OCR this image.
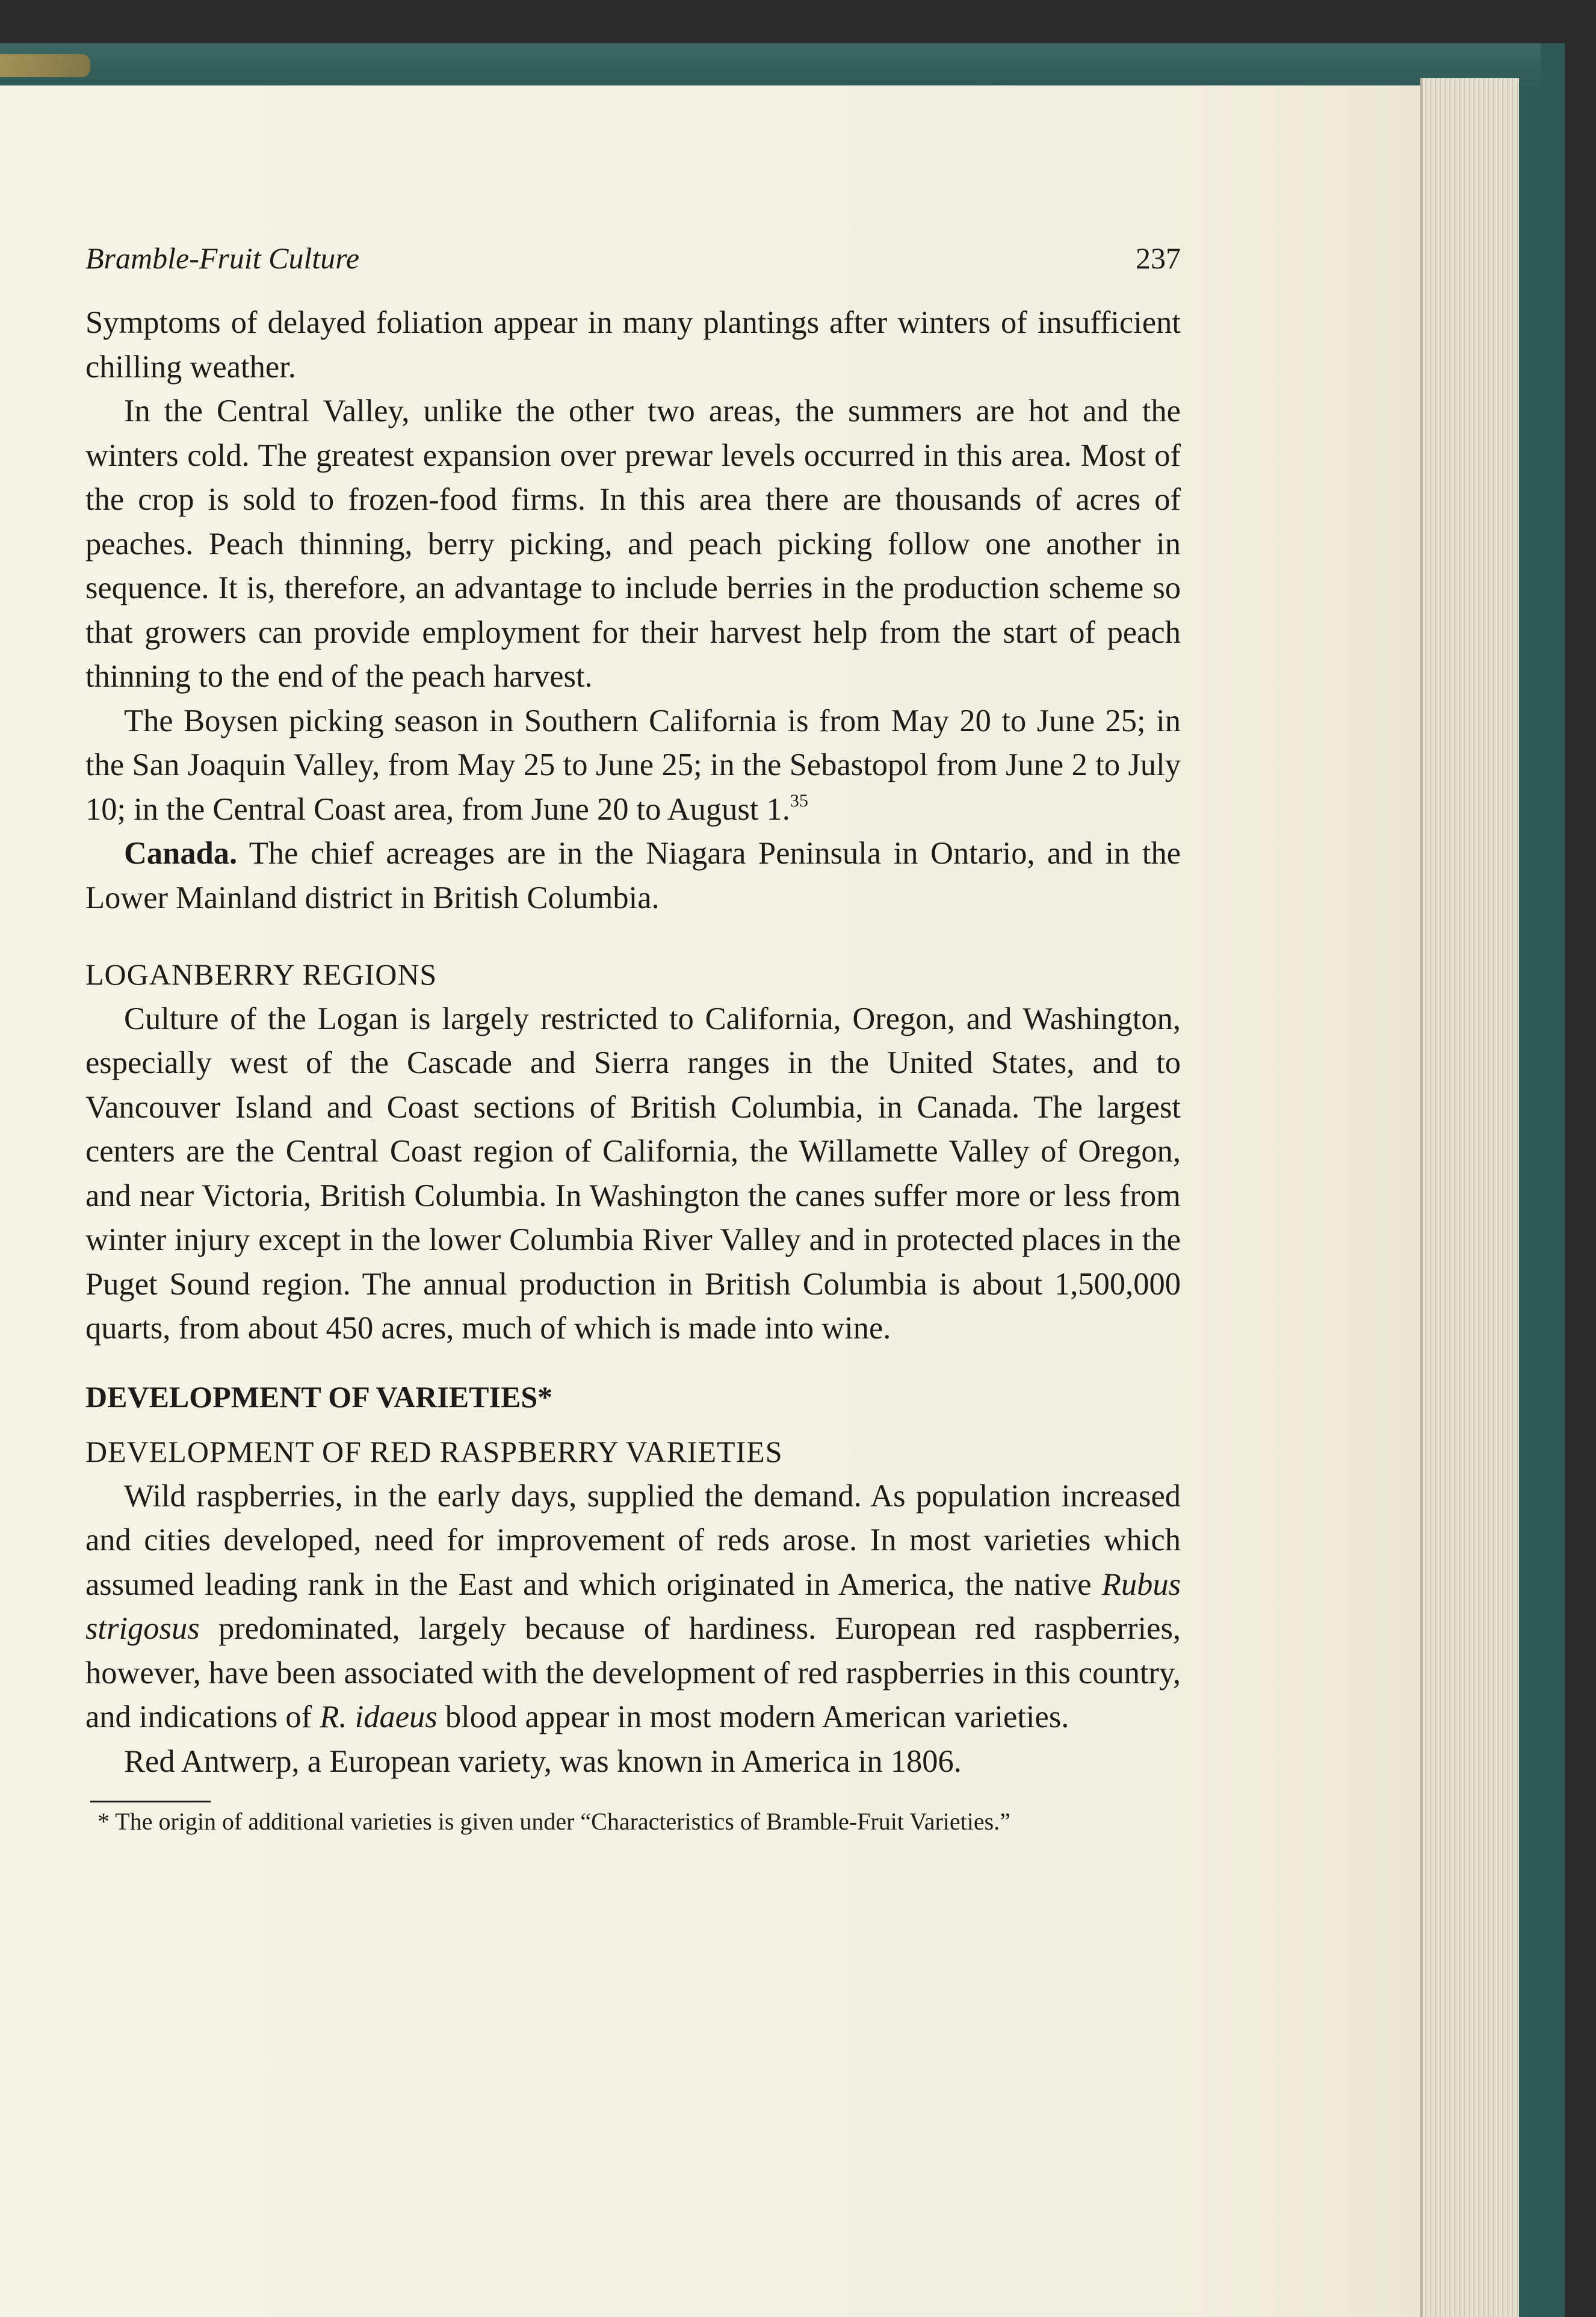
Bramble-Fruit Culture	237

Symptoms of delayed foliation appear in many plantings after winters of insufficient chilling weather.

In the Central Valley, unlike the other two areas, the summers are hot and the winters cold. The greatest expansion over prewar levels occurred in this area. Most of the crop is sold to frozen-food firms. In this area there are thousands of acres of peaches. Peach thinning, berry picking, and peach picking follow one another in sequence. It is, therefore, an advantage to include berries in the production scheme so that growers can provide employment for their harvest help from the start of peach thinning to the end of the peach harvest.

The Boysen picking season in Southern California is from May 20 to June 25; in the San Joaquin Valley, from May 25 to June 25; in the Sebastopol from June 2 to July 10; in the Central Coast area, from June 20 to August 1.35

Canada. The chief acreages are in the Niagara Peninsula in Ontario, and in the Lower Mainland district in British Columbia.

LOGANBERRY REGIONS

Culture of the Logan is largely restricted to California, Oregon, and Washington, especially west of the Cascade and Sierra ranges in the United States, and to Vancouver Island and Coast sections of British Columbia, in Canada. The largest centers are the Central Coast region of California, the Willamette Valley of Oregon, and near Victoria, British Columbia. In Washington the canes suffer more or less from winter injury except in the lower Columbia River Valley and in protected places in the Puget Sound region. The annual production in British Columbia is about 1,500,000 quarts, from about 450 acres, much of which is made into wine.

DEVELOPMENT OF VARIETIES*
DEVELOPMENT OF RED RASPBERRY VARIETIES

Wild raspberries, in the early days, supplied the demand. As population increased and cities developed, need for improvement of reds arose. In most varieties which assumed leading rank in the East and which originated in America, the native Rubus strigosus predominated, largely because of hardiness. European red raspberries, however, have been associated with the development of red raspberries in this country, and indications of R. idaeus blood appear in most modern American varieties.

Red Antwerp, a European variety, was known in America in 1806.

* The origin of additional varieties is given under “Characteristics of Bramble-Fruit Varieties.”
